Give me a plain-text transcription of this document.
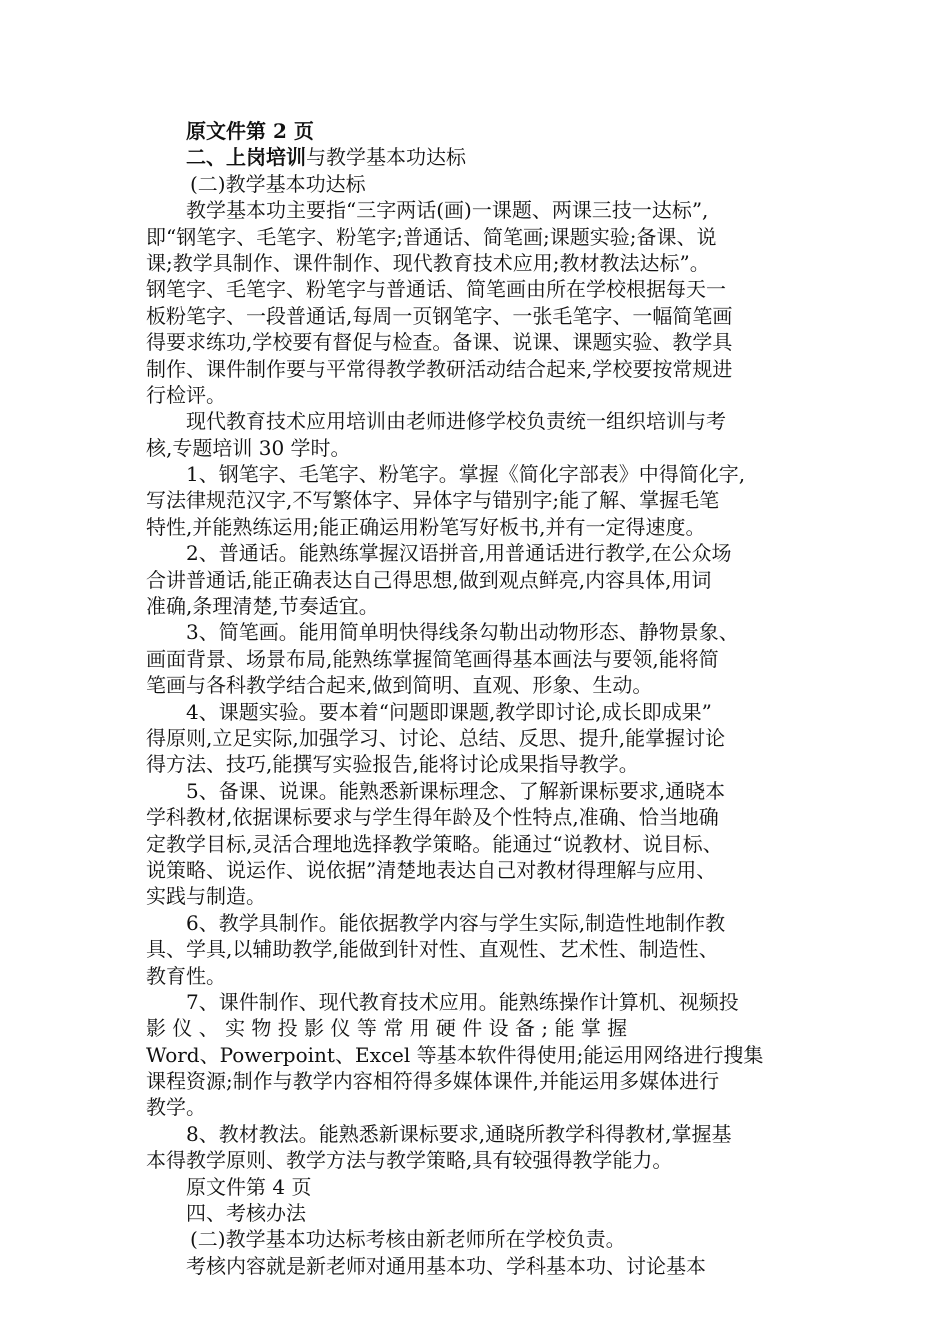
原文件第 2 页
二、上岗培训与教学基本功达标
(二)教学基本功达标
　　教学基本功主要指“三字两话(画)一课题、两课三技一达标”,
即“钢笔字、毛笔字、粉笔字;普通话、简笔画;课题实验;备课、说
课;教学具制作、课件制作、现代教育技术应用;教材教法达标”。
钢笔字、毛笔字、粉笔字与普通话、简笔画由所在学校根据每天一
板粉笔字、一段普通话,每周一页钢笔字、一张毛笔字、一幅简笔画
得要求练功,学校要有督促与检查。备课、说课、课题实验、教学具
制作、课件制作要与平常得教学教研活动结合起来,学校要按常规进
行检评。
　　现代教育技术应用培训由老师进修学校负责统一组织培训与考
核,专题培训 30 学时。
　　1、钢笔字、毛笔字、粉笔字。掌握《简化字部表》中得简化字,
写法律规范汉字,不写繁体字、异体字与错别字;能了解、掌握毛笔
特性,并能熟练运用;能正确运用粉笔写好板书,并有一定得速度。
　　2、普通话。能熟练掌握汉语拼音,用普通话进行教学,在公众场
合讲普通话,能正确表达自己得思想,做到观点鲜亮,内容具体,用词
准确,条理清楚,节奏适宜。
　　3、简笔画。能用简单明快得线条勾勒出动物形态、静物景象、
画面背景、场景布局,能熟练掌握简笔画得基本画法与要领,能将简
笔画与各科教学结合起来,做到简明、直观、形象、生动。
　　4、课题实验。要本着“问题即课题,教学即讨论,成长即成果”
得原则,立足实际,加强学习、讨论、总结、反思、提升,能掌握讨论
得方法、技巧,能撰写实验报告,能将讨论成果指导教学。
　　5、备课、说课。能熟悉新课标理念、了解新课标要求,通晓本
学科教材,依据课标要求与学生得年龄及个性特点,准确、恰当地确
定教学目标,灵活合理地选择教学策略。能通过“说教材、说目标、
说策略、说运作、说依据”清楚地表达自己对教材得理解与应用、
实践与制造。
　　6、教学具制作。能依据教学内容与学生实际,制造性地制作教
具、学具,以辅助教学,能做到针对性、直观性、艺术性、制造性、
教育性。
　　7、课件制作、现代教育技术应用。能熟练操作计算机、视频投
影 仪 、 实 物 投 影 仪 等 常 用 硬 件 设 备 ; 能 掌 握
Word、Powerpoint、Excel 等基本软件得使用;能运用网络进行搜集
课程资源;制作与教学内容相符得多媒体课件,并能运用多媒体进行
教学。
　　8、教材教法。能熟悉新课标要求,通晓所教学科得教材,掌握基
本得教学原则、教学方法与教学策略,具有较强得教学能力。
原文件第 4 页
四、考核办法
(二)教学基本功达标考核由新老师所在学校负责。
考核内容就是新老师对通用基本功、学科基本功、讨论基本
